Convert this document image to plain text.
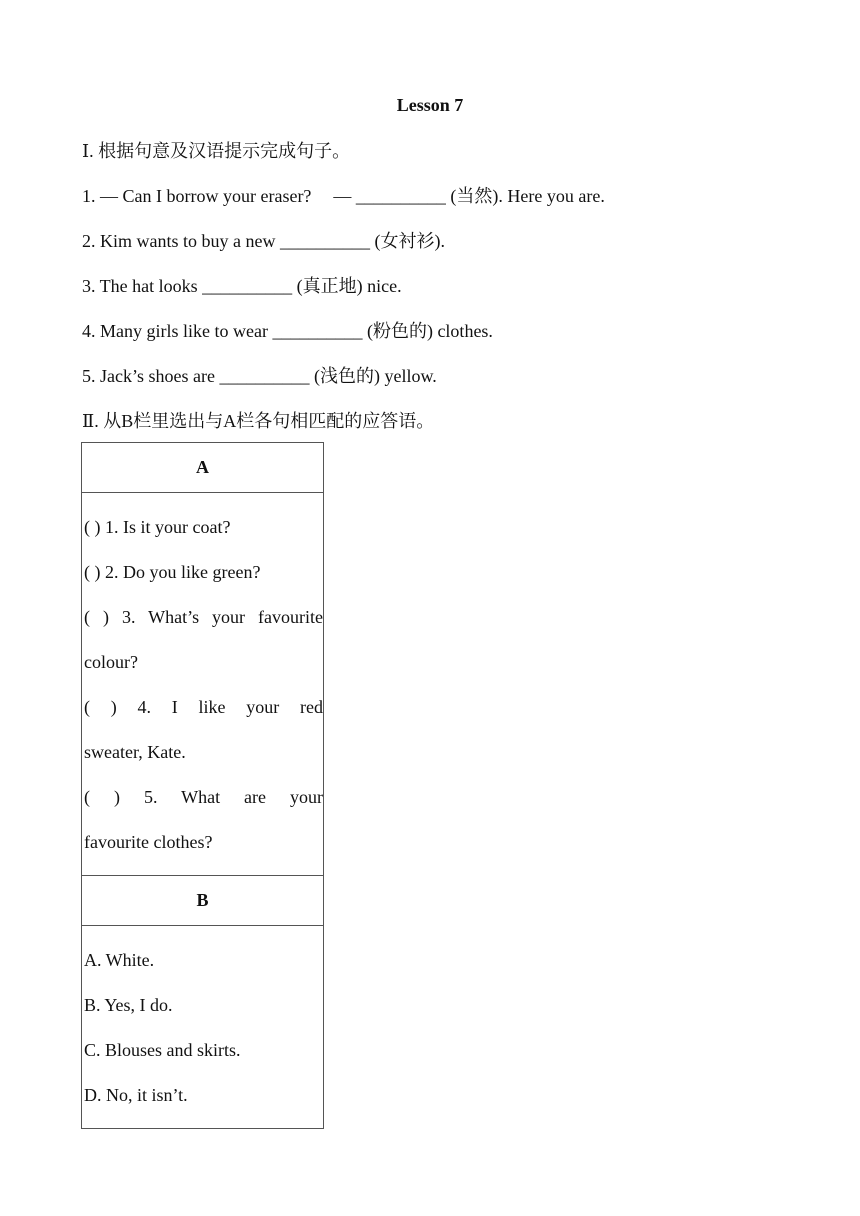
Lesson 7
Ⅰ. 根据句意及汉语提示完成句子。
1. — Can I borrow your eraser? — __________ (当然). Here you are.
2. Kim wants to buy a new __________ (女衬衫).
3. The hat looks __________ (真正地) nice.
4. Many girls like to wear __________ (粉色的) clothes.
5. Jack’s shoes are __________ (浅色的) yellow.
Ⅱ. 从B栏里选出与A栏各句相匹配的应答语。
A

( ) 1. Is it your coat?
( ) 2. Do you like green?
( ) 3. What’s your favourite
colour?
( ) 4. I like your red
sweater, Kate.
( ) 5. What are your
favourite clothes?

B

A. White.
B. Yes, I do.
C. Blouses and skirts.
D. No, it isn’t.
